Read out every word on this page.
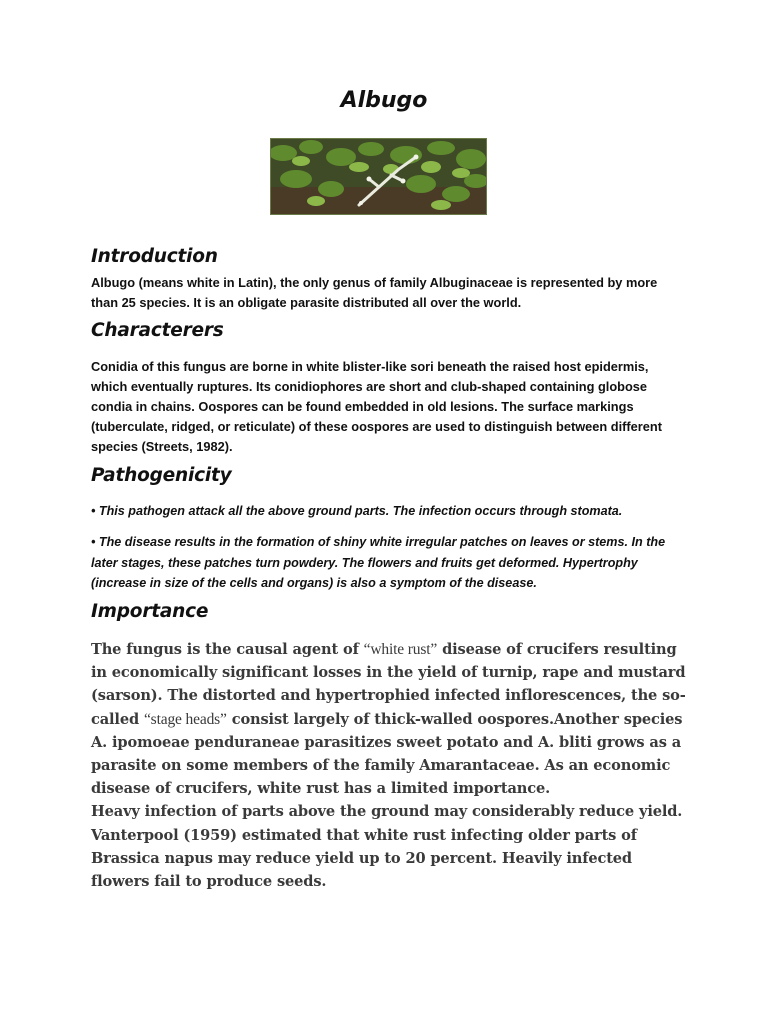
Albugo
Introduction

Albugo (means white in Latin), the only genus of family Albuginaceae is represented by more than 25 species. It is an obligate parasite distributed all over the world.

Characterers

Conidia of this fungus are borne in white blister-like sori beneath the raised host epidermis, which eventually ruptures. Its conidiophores are short and club-shaped containing globose condia in chains. Oospores can be found embedded in old lesions. The surface markings (tuberculate, ridged, or reticulate) of these oospores are used to distinguish between different species (Streets, 1982).

Pathogenicity

• This pathogen attack all the above ground parts. The infection occurs through stomata.

• The disease results in the formation of shiny white irregular patches on leaves or stems. In the later stages, these patches turn powdery. The flowers and fruits get deformed. Hypertrophy (increase in size of the cells and organs) is also a symptom of the disease.

Importance

The fungus is the causal agent of “white rust” disease of crucifers resulting in economically significant losses in the yield of turnip, rape and mustard (sarson). The distorted and hypertrophied infected inflorescences, the so-called “stage heads” consist largely of thick-walled oospores.Another species A. ipomoeae penduraneae parasitizes sweet potato and A. bliti grows as a parasite on some members of the family Amarantaceae. As an economic disease of crucifers, white rust has a limited importance.
Heavy infection of parts above the ground may considerably reduce yield. Vanterpool (1959) estimated that white rust infecting older parts of Brassica napus may reduce yield up to 20 percent. Heavily infected flowers fail to produce seeds.
